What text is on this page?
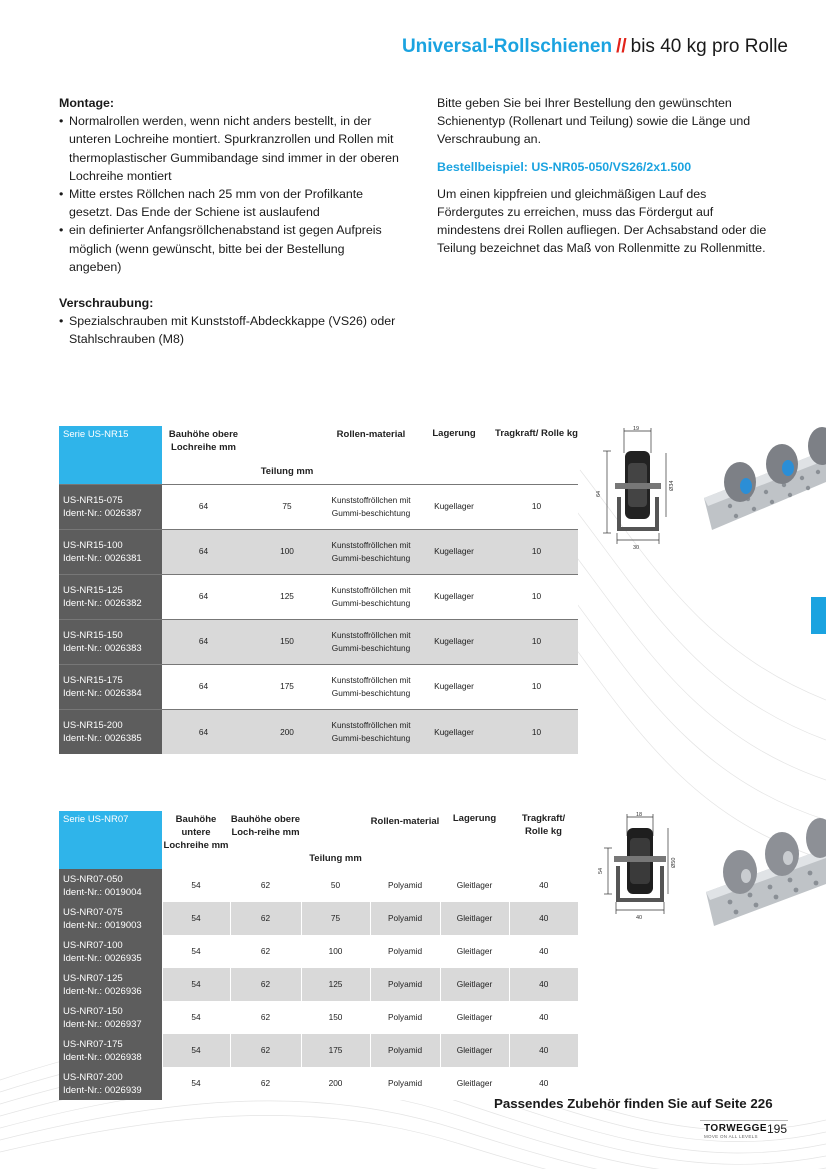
Universal-Rollschienen // bis 40 kg pro Rolle

Montage:

• Normalrollen werden, wenn nicht anders bestellt, in der unteren Lochreihe montiert. Spurkranzrollen und Rollen mit thermoplastischer Gummibandage sind immer in der oberen Lochreihe montiert
• Mitte erstes Röllchen nach 25 mm von der Profilkante gesetzt. Das Ende der Schiene ist auslaufend
• ein definierter Anfangsröllchenabstand ist gegen Aufpreis möglich (wenn gewünscht, bitte bei der Bestellung angeben)

Verschraubung:

• Spezialschrauben mit Kunststoff-Abdeckkappe (VS26) oder Stahlschrauben (M8)

Bitte geben Sie bei Ihrer Bestellung den gewünschten Schienentyp (Rollenart und Teilung) sowie die Länge und Verschraubung an.

Bestellbeispiel: US-NR05-050/VS26/2x1.500

Um einen kippfreien und gleichmäßigen Lauf des Fördergutes zu erreichen, muss das Fördergut auf mindestens drei Rollen aufliegen. Der Achsabstand oder die Teilung bezeichnet das Maß von Rollenmitte zu Rollenmitte.

Serie US-NR15	Bauhöhe obere Lochreihe mm	Teilung mm	Rollen-material	Lagerung	Tragkraft/ Rolle kg
US-NR15-075
Ident-Nr.: 0026387	64	75	Kunststoffröllchen mit Gummi-beschichtung	Kugellager	10
US-NR15-100
Ident-Nr.: 0026381	64	100	Kunststoffröllchen mit Gummi-beschichtung	Kugellager	10
US-NR15-125
Ident-Nr.: 0026382	64	125	Kunststoffröllchen mit Gummi-beschichtung	Kugellager	10
US-NR15-150
Ident-Nr.: 0026383	64	150	Kunststoffröllchen mit Gummi-beschichtung	Kugellager	10
US-NR15-175
Ident-Nr.: 0026384	64	175	Kunststoffröllchen mit Gummi-beschichtung	Kugellager	10
US-NR15-200
Ident-Nr.: 0026385	64	200	Kunststoffröllchen mit Gummi-beschichtung	Kugellager	10
Serie US-NR07	Bauhöhe untere Lochreihe mm	Bauhöhe obere Loch-reihe mm	Teilung mm	Rollen-material	Lagerung	Tragkraft/ Rolle kg
US-NR07-050
Ident-Nr.: 0019004	54	62	50	Polyamid	Gleitlager	40
US-NR07-075
Ident-Nr.: 0019003	54	62	75	Polyamid	Gleitlager	40
US-NR07-100
Ident-Nr.: 0026935	54	62	100	Polyamid	Gleitlager	40
US-NR07-125
Ident-Nr.: 0026936	54	62	125	Polyamid	Gleitlager	40
US-NR07-150
Ident-Nr.: 0026937	54	62	150	Polyamid	Gleitlager	40
US-NR07-175
Ident-Nr.: 0026938	54	62	175	Polyamid	Gleitlager	40
US-NR07-200
Ident-Nr.: 0026939	54	62	200	Polyamid	Gleitlager	40
19
64
Ø34
30
18
54
Ø50
40
Passendes Zubehör finden Sie auf Seite 226
TORWEGGE
MOVE ON ALL LEVELS
195
